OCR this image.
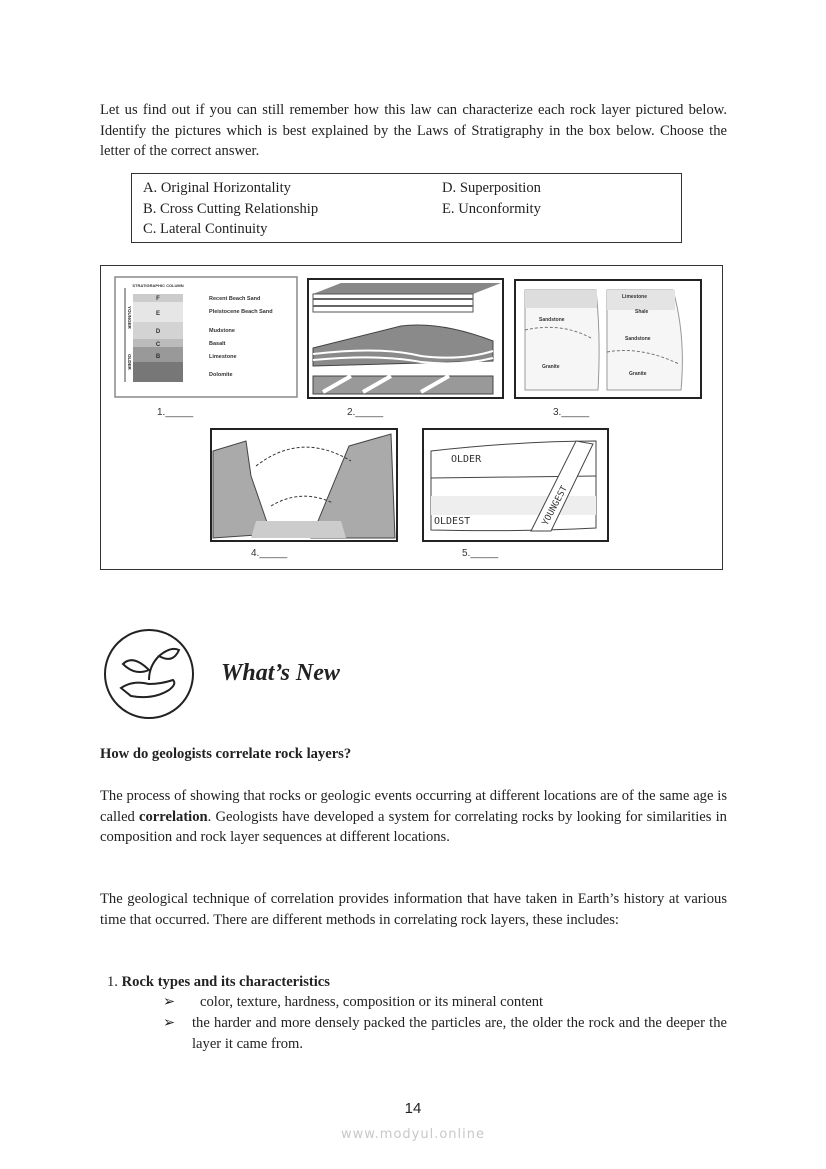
Let us find out if you can still remember how this law can characterize each rock layer pictured below. Identify the pictures which is best explained by the Laws of Stratigraphy in the box below. Choose the letter of the correct answer.
A. Original Horizontality
B. Cross Cutting Relationship
C. Lateral Continuity
D. Superposition
E. Unconformity
STRATIGRAPHIC COLUMN
F
E
D
C
B
YOUNGER
OLDER
Recent Beach Sand
Pleistocene Beach Sand
Mudstone
Basalt
Limestone
Dolomite
Sandstone
Granite
Limestone
Shale
Sandstone
Granite
OLDER
OLDEST	YOUNGEST
1._____	2._____	3._____
4._____	5._____
What’s New
How do geologists correlate rock layers?
The process of showing that rocks or geologic events occurring at different locations are of the same age is called correlation. Geologists have developed a system for correlating rocks by looking for similarities in composition and rock layer sequences at different locations.
The geological technique of correlation provides information that have taken in Earth’s history at various time that occurred. There are different methods in correlating rock layers, these includes:
1. Rock types and its characteristics
➢ color, texture, hardness, composition or its mineral content
➢ the harder and more densely packed the particles are, the older the rock and the deeper the layer it came from.
14
www.modyul.online
